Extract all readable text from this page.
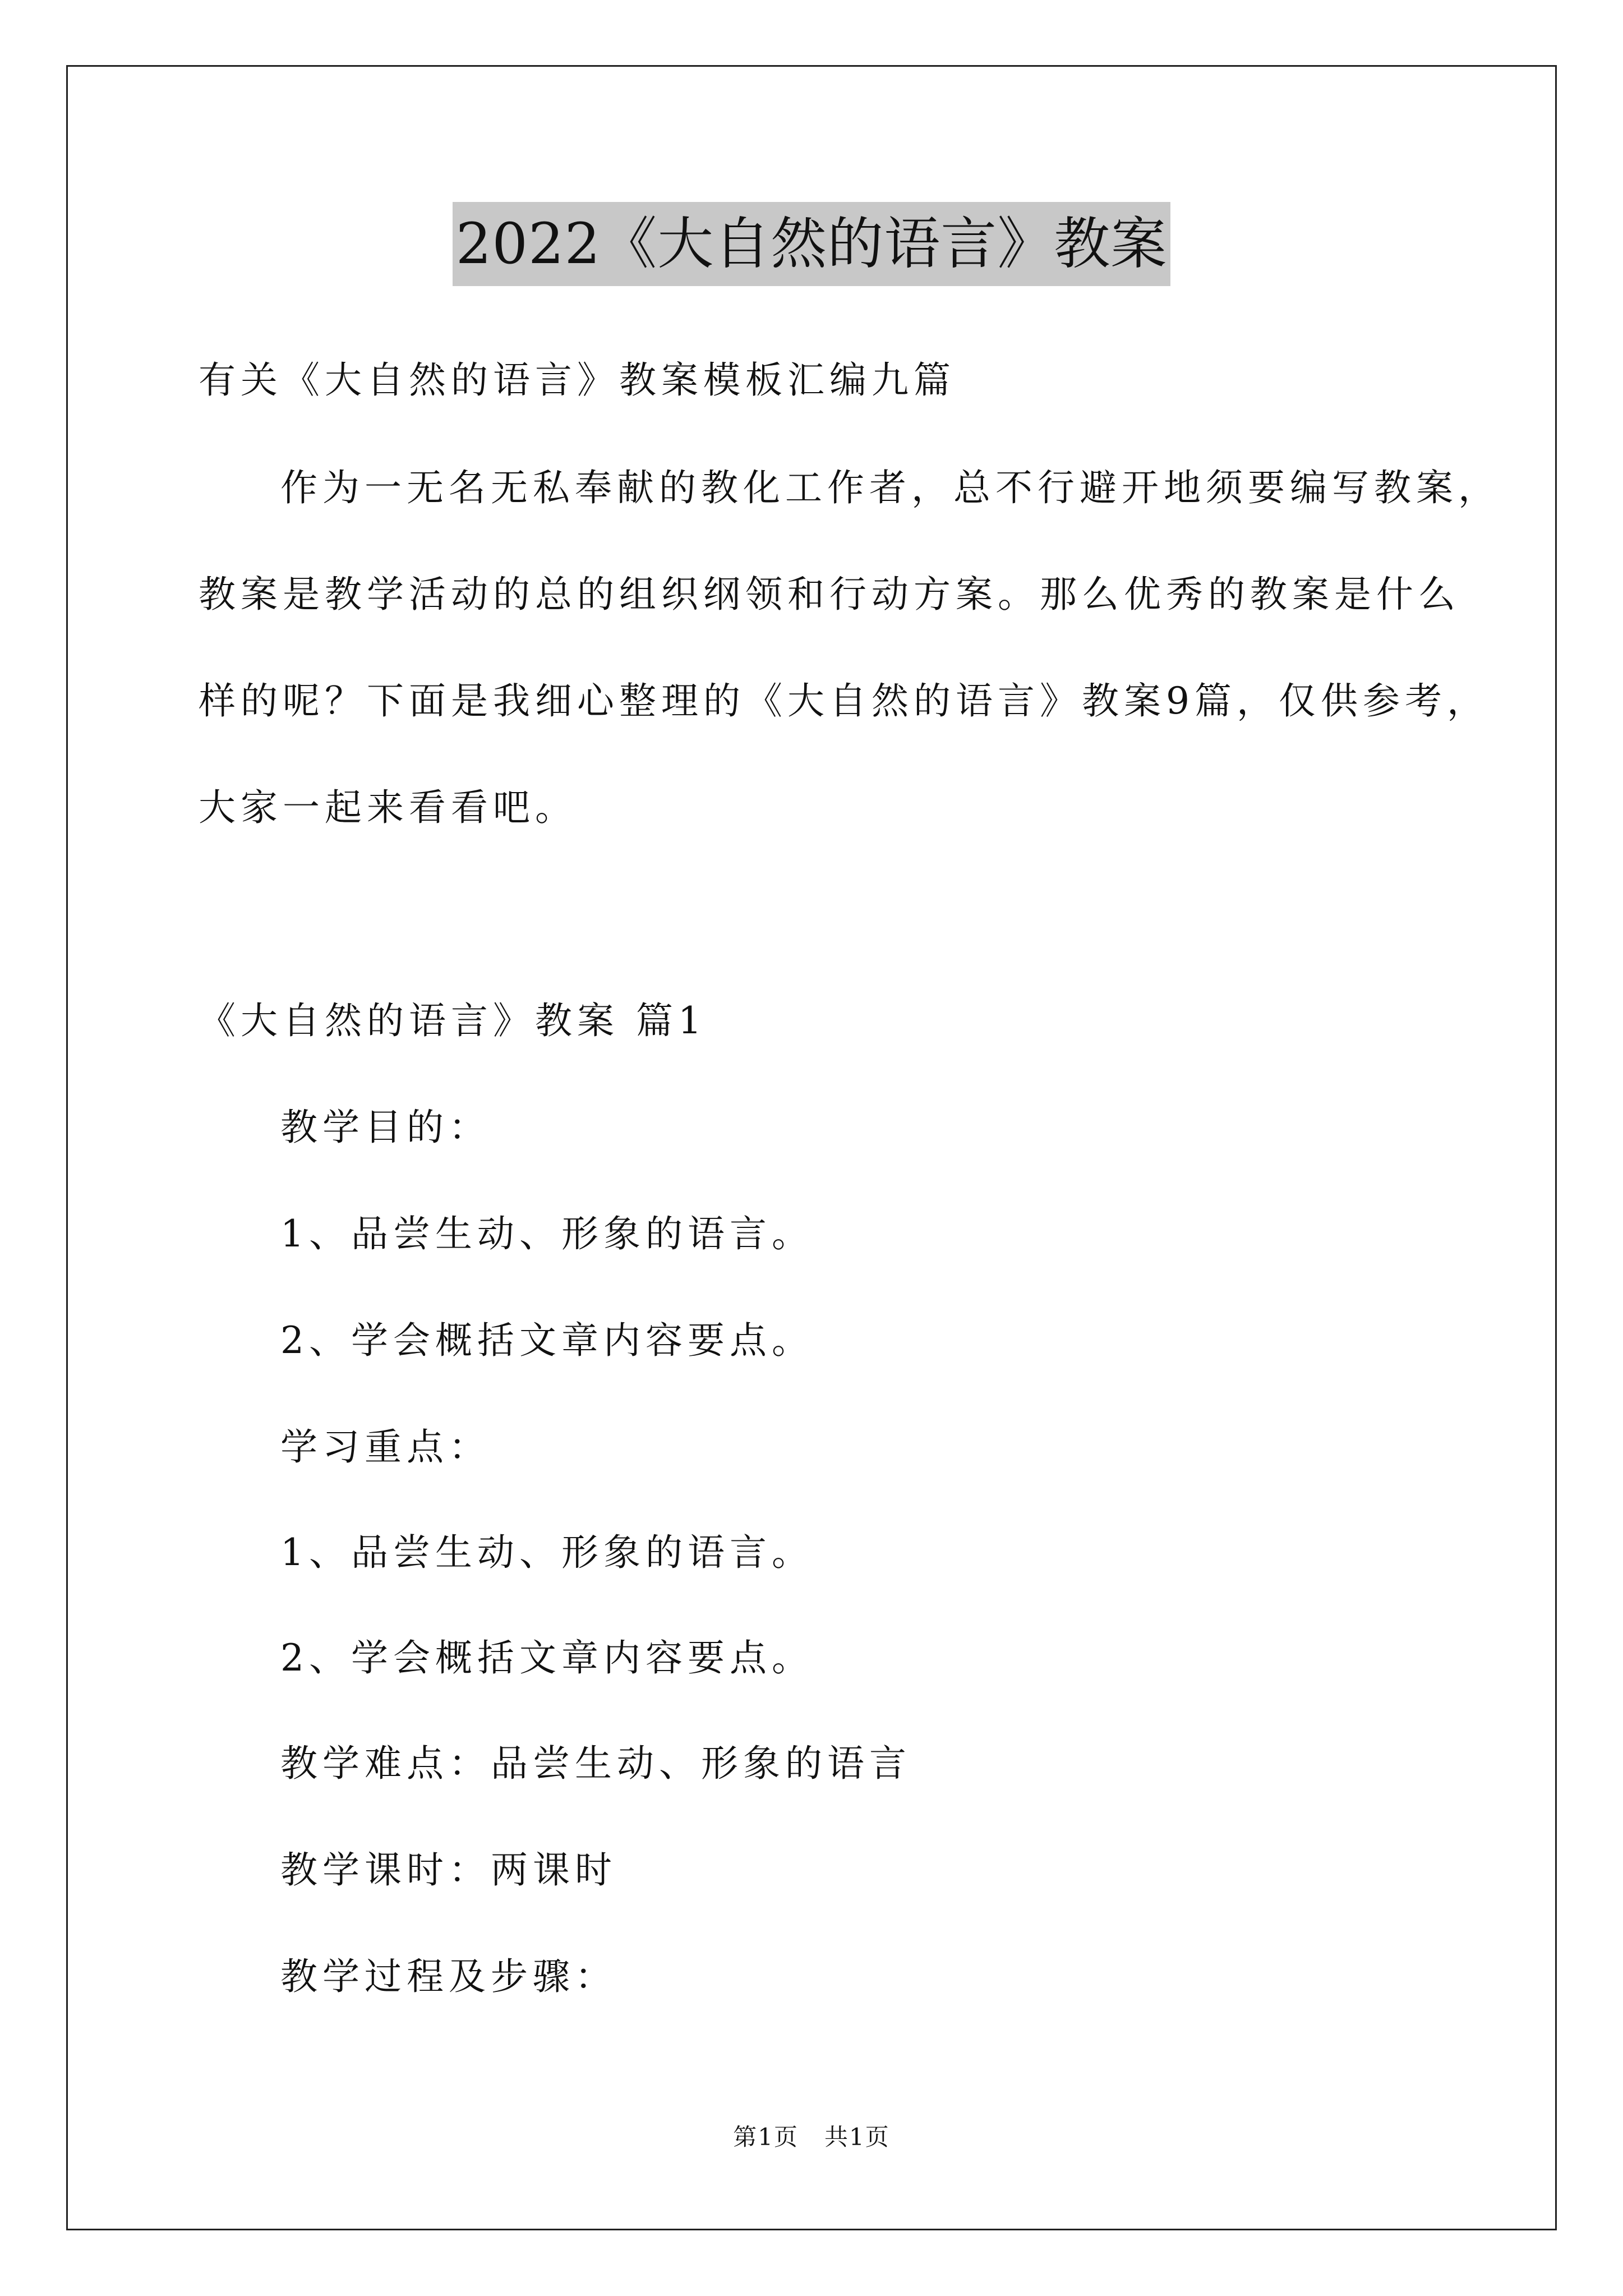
2022《大自然的语言》教案
有关《大自然的语言》教案模板汇编九篇
作为一无名无私奉献的教化工作者，总不行避开地须要编写教案，
教案是教学活动的总的组织纲领和行动方案。那么优秀的教案是什么
样的呢？下面是我细心整理的《大自然的语言》教案9篇，仅供参考，
大家一起来看看吧。
《大自然的语言》教案 篇1
教学目的：
1、品尝生动、形象的语言。
2、学会概括文章内容要点。
学习重点：
1、品尝生动、形象的语言。
2、学会概括文章内容要点。
教学难点：品尝生动、形象的语言
教学课时：两课时
教学过程及步骤：
第1页   共1页
